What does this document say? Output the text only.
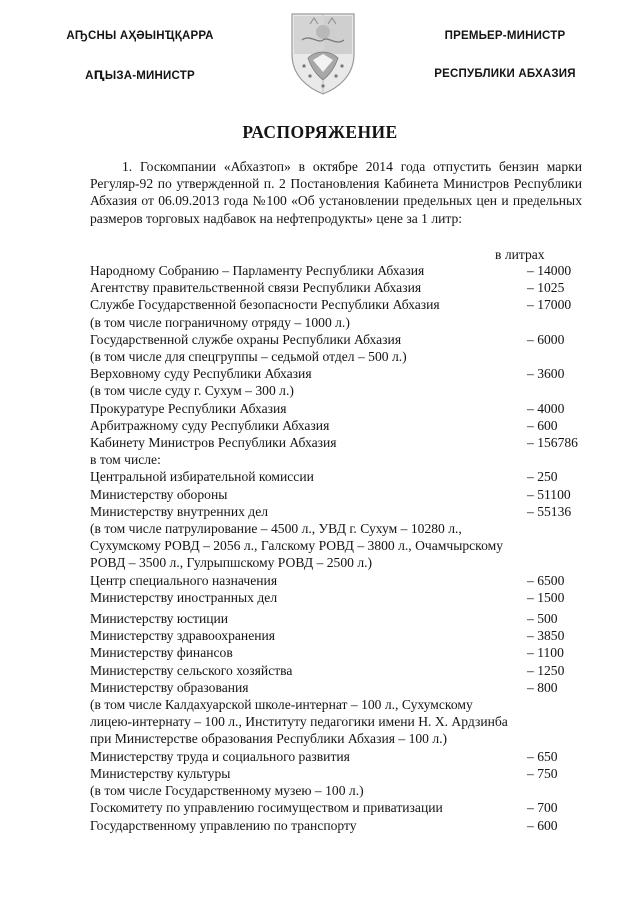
АҦСНЫ АҲӘЫНҴҚАРРА
АԤЫЗА-МИНИСТР
ПРЕМЬЕР-МИНИСТР
РЕСПУБЛИКИ АБХАЗИЯ
РАСПОРЯЖЕНИЕ
1. Госкомпании «Абхазтоп» в октябре 2014 года отпустить бензин марки Регуляр-92 по утвержденной п. 2 Постановления Кабинета Министров Республики Абхазия от 06.09.2013 года №100 «Об установлении предельных цен и предельных размеров торговых надбавок на нефтепродукты» цене за 1 литр:
в литрах
Народному Собранию – Парламенту Республики Абхазия	– 14000
Агентству правительственной связи Республики Абхазия	– 1025
Службе Государственной безопасности Республики Абхазия	– 17000
(в том числе пограничному отряду – 1000 л.)
Государственной службе охраны Республики Абхазия	– 6000
(в том числе для спецгруппы – седьмой отдел – 500 л.)
Верховному суду Республики Абхазия	– 3600
(в том числе суду г. Сухум – 300 л.)
Прокуратуре Республики Абхазия	– 4000
Арбитражному суду Республики Абхазия	– 600
Кабинету Министров Республики Абхазия	– 156786
в том числе:
Центральной избирательной комиссии	– 250
Министерству обороны	– 51100
Министерству внутренних дел	– 55136
(в том числе патрулирование – 4500 л., УВД г. Сухум – 10280 л., Сухумскому РОВД – 2056 л., Галскому РОВД – 3800 л., Очамчырскому РОВД – 3500 л., Гулрыпшскому РОВД – 2500 л.)
Центр специального назначения	– 6500
Министерству иностранных дел	– 1500
Министерству юстиции	– 500
Министерству здравоохранения	– 3850
Министерству финансов	– 1100
Министерству сельского хозяйства	– 1250
Министерству образования	– 800
(в том числе Калдахуарской школе-интернат – 100 л., Сухумскому лицею-интернату – 100 л., Институту педагогики имени Н. Х. Ардзинба при Министерстве образования Республики Абхазия – 100 л.)
Министерству труда и социального развития	– 650
Министерству культуры	– 750
(в том числе Государственному музею – 100 л.)
Госкомитету по управлению госимуществом и приватизации	– 700
Государственному управлению по транспорту	– 600
